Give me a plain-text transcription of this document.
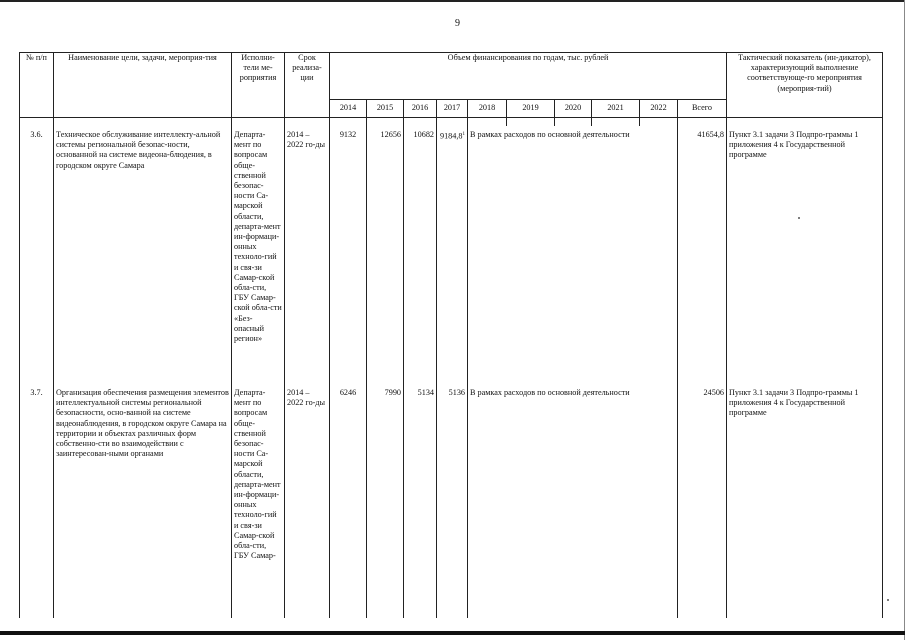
9
№ п/п	Наименование цели, задачи, мероприя-тия	Исполни-тели ме-роприятия	Срок реализа-ции	Объем финансирования по годам, тыс. рублей										Тактический показатель (ин-дикатор), характеризующий выполнение соответствующе-го мероприятия (мероприя-тий)
				2014	2015	2016	2017	2018	2019	2020	2021	2022	Всего	

3.6.	Техническое обслуживание интеллекту-альной системы региональной безопас-ности, основанной на системе видеона-блюдения, в городском округе Самара	Департа-мент по вопросам обще-ственной безопас-ности Са-марской области, департа-мент ин-формаци-онных техноло-гий и свя-зи Самар-ской обла-сти, ГБУ Самар-ской обла-сти «Без-опасный регион»	2014 – 2022 го-ды	9132	12656	10682	9184,8$^1$	В рамках расходов по основной деятельности					41654,8	Пункт 3.1 задачи 3 Подпро-граммы 1 приложения 4 к Государственной программе
3.7.	Организация обеспечения размещения элементов интеллектуальной системы региональной безопасности, осно-ванной на системе видеонаблюдения, в городском округе Самара на территории и объектах различных форм собственно-сти во взаимодействии с заинтересован-ными органами	Департа-мент по вопросам обще-ственной безопас-ности Са-марской области, департа-мент ин-формаци-онных техноло-гий и свя-зи Самар-ской обла-сти, ГБУ Самар-	2014 – 2022 го-ды	6246	7990	5134	5136	В рамках расходов по основной деятельности					24506	Пункт 3.1 задачи 3 Подпро-граммы 1 приложения 4 к Государственной программе
